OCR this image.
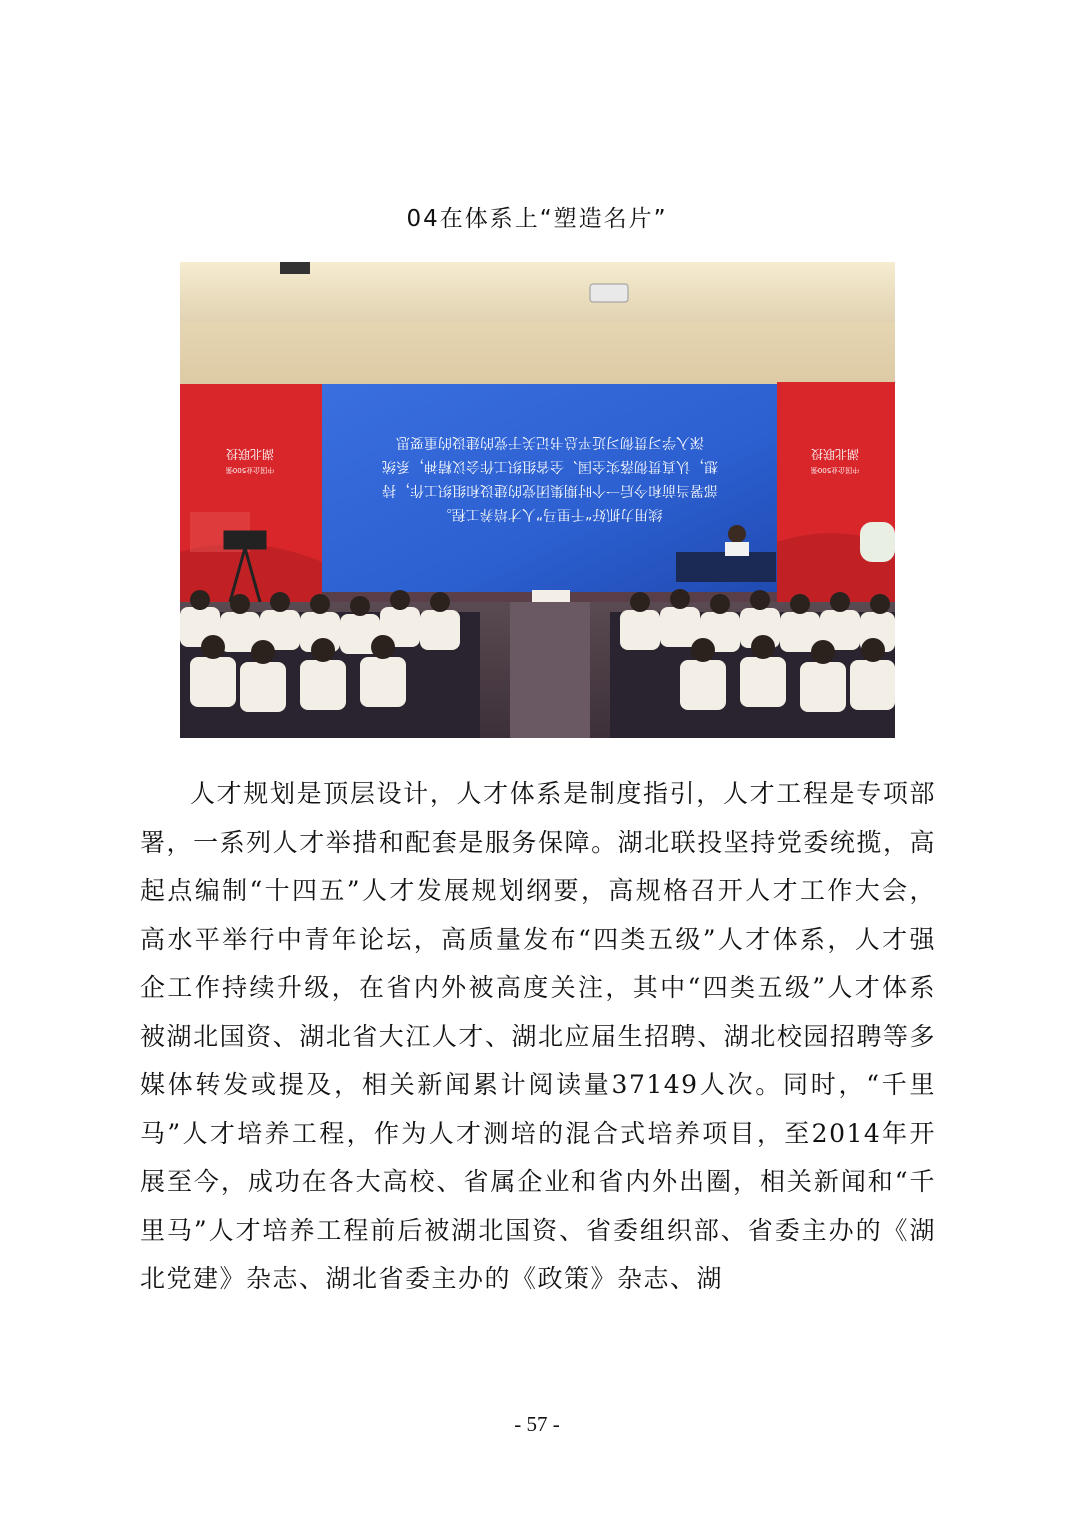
04在体系上“塑造名片”
深入学习贯彻习近平总书记关于党的建设的重要思
想，认真贯彻落实全国、全省组织工作会议精神，系统
部署当前和今后一个时期集团党的建设和组织工作，持
续用力抓好“千里马”人才培养工程。
湖北联投
中国企业500强
湖北联投
中国企业500强

人才规划是顶层设计，人才体系是制度指引，人才工程是专项部署，一系列人才举措和配套是服务保障。湖北联投坚持党委统揽，高起点编制“十四五”人才发展规划纲要，高规格召开人才工作大会，高水平举行中青年论坛，高质量发布“四类五级”人才体系，人才强企工作持续升级，在省内外被高度关注，其中“四类五级”人才体系被湖北国资、湖北省大江人才、湖北应届生招聘、湖北校园招聘等多媒体转发或提及，相关新闻累计阅读量37149人次。同时，“千里马”人才培养工程，作为人才测培的混合式培养项目，至2014年开展至今，成功在各大高校、省属企业和省内外出圈，相关新闻和“千里马”人才培养工程前后被湖北国资、省委组织部、省委主办的《湖北党建》杂志、湖北省委主办的《政策》杂志、湖

- 57 -
